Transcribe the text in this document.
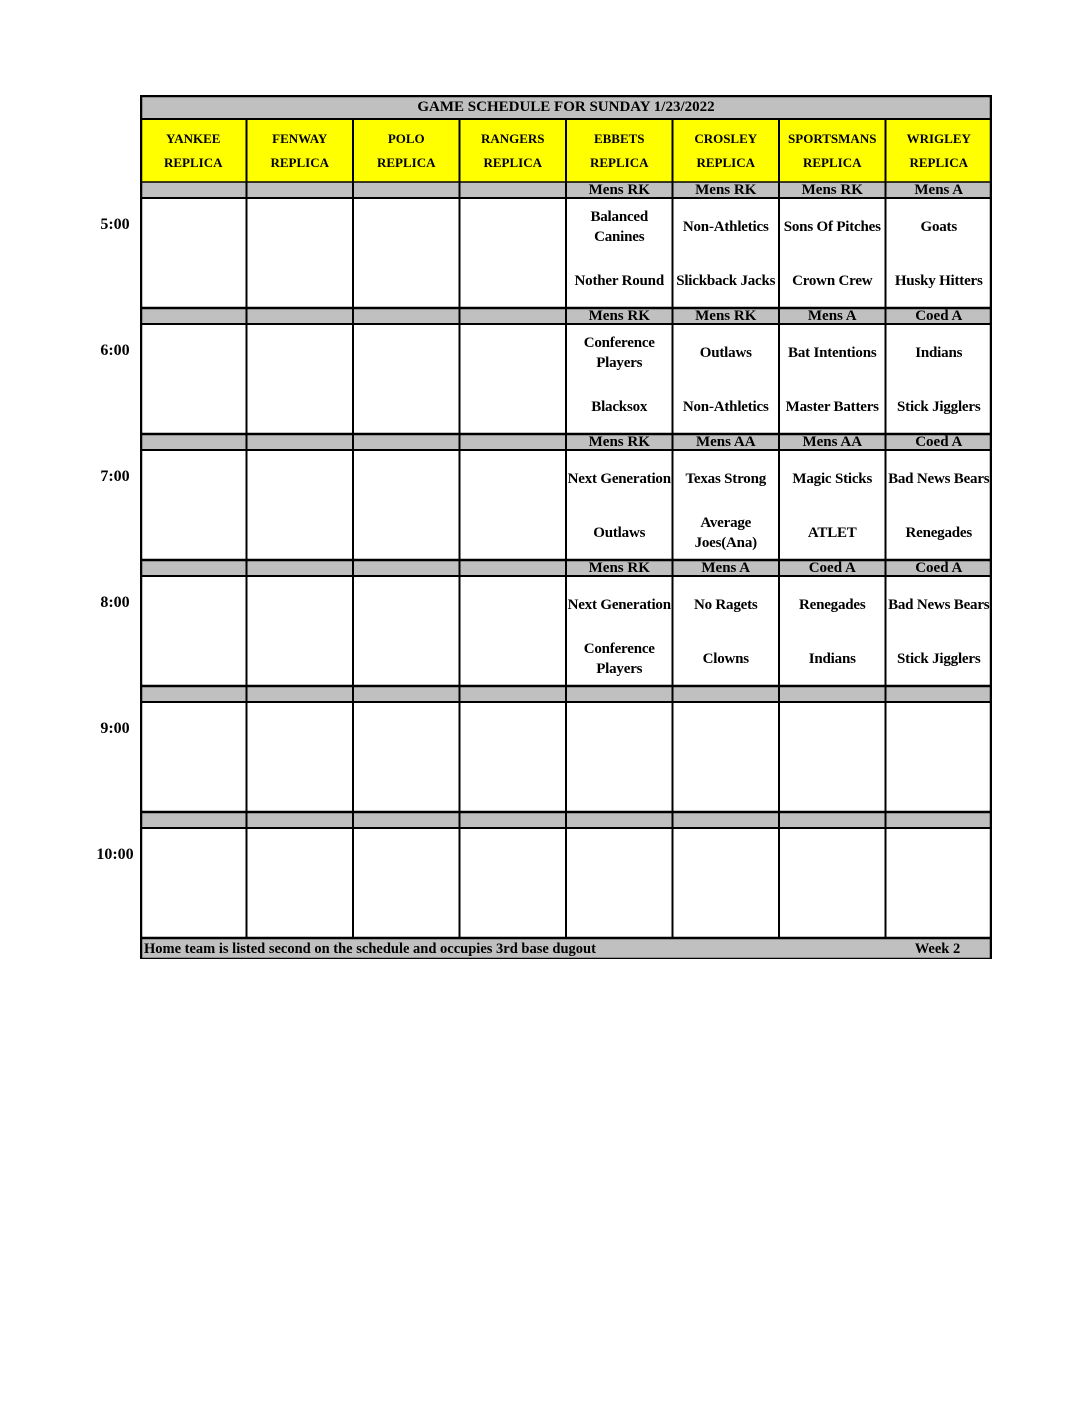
GAME SCHEDULE FOR SUNDAY 1/23/2022
YANKEE
REPLICA
FENWAY
REPLICA
POLO
REPLICA
RANGERS
REPLICA
EBBETS
REPLICA
CROSLEY
REPLICA
SPORTSMANS
REPLICA
WRIGLEY
REPLICA
Mens RK
Balanced Canines
Nother Round
Mens RK
Non-Athletics
Slickback Jacks
Mens RK
Sons Of Pitches
Crown Crew
Mens A
Goats
Husky Hitters
Mens RK
Conference Players
Blacksox
Mens RK
Outlaws
Non-Athletics
Mens A
Bat Intentions
Master Batters
Coed A
Indians
Stick Jigglers
Mens RK
Next Generation
Outlaws
Mens AA
Texas Strong
Average Joes(Ana)
Mens AA
Magic Sticks
ATLET
Coed A
Bad News Bears
Renegades
Mens RK
Next Generation
Conference Players
Mens A
No Ragets
Clowns
Coed A
Renegades
Indians
Coed A
Bad News Bears
Stick Jigglers
Home team is listed second on the schedule and occupies 3rd base dugout	Week 2
5:00
6:00
7:00
8:00
9:00
10:00
